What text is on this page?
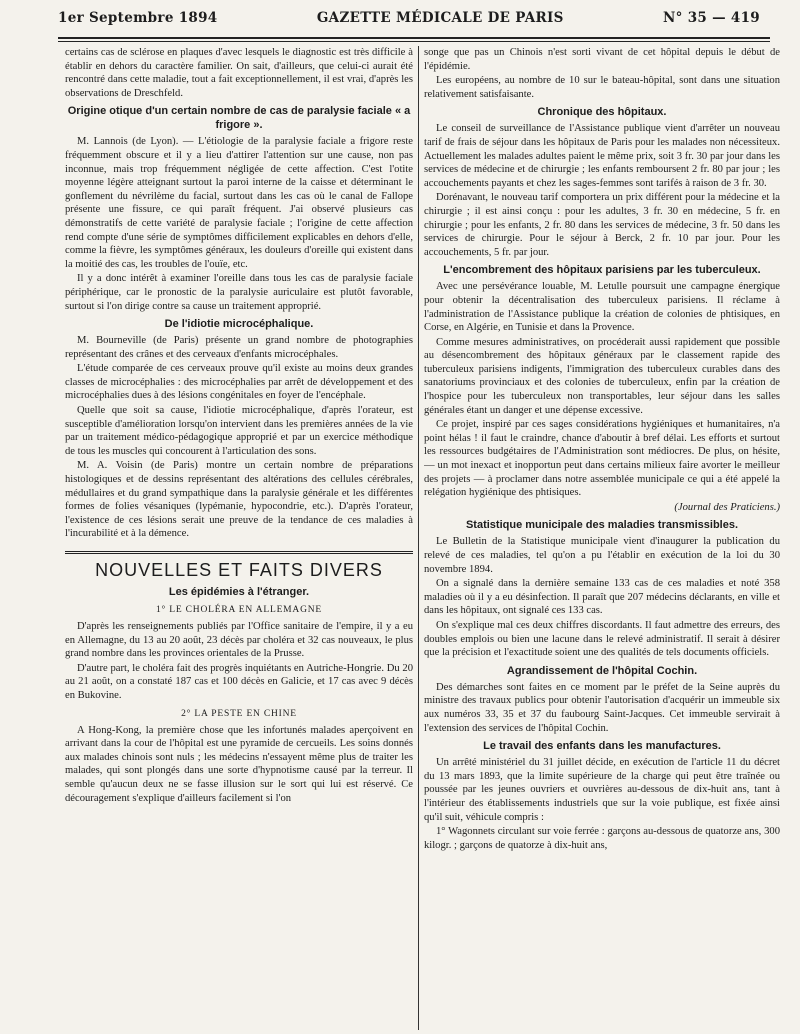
1er Septembre 1894	GAZETTE MÉDICALE DE PARIS	N° 35 — 419

certains cas de sclérose en plaques d'avec lesquels le diagnostic est très difficile à établir en dehors du caractère familier. On sait, d'ailleurs, que celui-ci aurait été rencontré dans cette maladie, tout a fait exceptionnellement, il est vrai, d'après les observations de Dreschfeld.

Origine otique d'un certain nombre de cas de paralysie faciale « a frigore ».

M. Lannois (de Lyon). — L'étiologie de la paralysie faciale a frigore reste fréquemment obscure et il y a lieu d'attirer l'attention sur une cause, non pas inconnue, mais trop fréquemment négligée de cette affection. C'est l'otite moyenne légère atteignant surtout la paroi interne de la caisse et déterminant le gonflement du névrilème du facial, surtout dans les cas où le canal de Fallope présente une fissure, ce qui paraît fréquent. J'ai observé plusieurs cas démonstratifs de cette variété de paralysie faciale ; l'origine de cette affection rend compte d'une série de symptômes difficilement explicables en dehors d'elle, comme la fièvre, les symptômes généraux, les douleurs d'oreille qui existent dans la moitié des cas, les troubles de l'ouïe, etc.

Il y a donc intérêt à examiner l'oreille dans tous les cas de paralysie faciale périphérique, car le pronostic de la paralysie auriculaire est plutôt favorable, surtout si l'on dirige contre sa cause un traitement approprié.

De l'idiotie microcéphalique.

M. Bourneville (de Paris) présente un grand nombre de photographies représentant des crânes et des cerveaux d'enfants microcéphales.

L'étude comparée de ces cerveaux prouve qu'il existe au moins deux grandes classes de microcéphalies : des microcéphalies par arrêt de développement et des microcéphalies dues à des lésions congénitales en foyer de l'encéphale.

Quelle que soit sa cause, l'idiotie microcéphalique, d'après l'orateur, est susceptible d'amélioration lorsqu'on intervient dans les premières années de la vie par un traitement médico-pédagogique approprié et par un exercice méthodique de tous les muscles qui concourent à l'articulation des sons.

M. A. Voisin (de Paris) montre un certain nombre de préparations histologiques et de dessins représentant des altérations des cellules cérébrales, médullaires et du grand sympathique dans la paralysie générale et les différentes formes de folies vésaniques (lypémanie, hypocondrie, etc.). D'après l'orateur, l'existence de ces lésions serait une preuve de la tendance de ces maladies à l'incurabilité et à la démence.

NOUVELLES ET FAITS DIVERS
Les épidémies à l'étranger.
1° LE CHOLÉRA EN ALLEMAGNE

D'après les renseignements publiés par l'Office sanitaire de l'empire, il y a eu en Allemagne, du 13 au 20 août, 23 décès par choléra et 32 cas nouveaux, le plus grand nombre dans les provinces orientales de la Prusse.

D'autre part, le choléra fait des progrès inquiétants en Autriche-Hongrie. Du 20 au 21 août, on a constaté 187 cas et 100 décès en Galicie, et 17 cas avec 9 décès en Bukovine.

2° LA PESTE EN CHINE

A Hong-Kong, la première chose que les infortunés malades aperçoivent en arrivant dans la cour de l'hôpital est une pyramide de cercueils. Les soins donnés aux malades chinois sont nuls ; les médecins n'essayent même plus de traiter les malades, qui sont plongés dans une sorte d'hypnotisme causé par la terreur. Il semble qu'aucun deux ne se fasse illusion sur le sort qui lui est réservé. Ce découragement s'explique d'ailleurs facilement si l'on

songe que pas un Chinois n'est sorti vivant de cet hôpital depuis le début de l'épidémie.

Les européens, au nombre de 10 sur le bateau-hôpital, sont dans une situation relativement satisfaisante.

Chronique des hôpitaux.

Le conseil de surveillance de l'Assistance publique vient d'arrêter un nouveau tarif de frais de séjour dans les hôpitaux de Paris pour les malades non nécessiteux. Actuellement les malades adultes paient le même prix, soit 3 fr. 30 par jour dans les services de médecine et de chirurgie ; les enfants remboursent 2 fr. 80 par jour ; les accouchements payants et chez les sages-femmes sont tarifés à raison de 3 fr. 30.

Dorénavant, le nouveau tarif comportera un prix différent pour la médecine et la chirurgie ; il est ainsi conçu : pour les adultes, 3 fr. 30 en médecine, 5 fr. en chirurgie ; pour les enfants, 2 fr. 80 dans les services de médecine, 3 fr. 50 dans les services de chirurgie. Pour le séjour à Berck, 2 fr. 10 par jour. Pour les accouchements, 5 fr. par jour.

L'encombrement des hôpitaux parisiens par les tuberculeux.

Avec une persévérance louable, M. Letulle poursuit une campagne énergique pour obtenir la décentralisation des tuberculeux parisiens. Il réclame à l'administration de l'Assistance publique la création de colonies de phtisiques, en Corse, en Algérie, en Tunisie et dans la Provence.

Comme mesures administratives, on procéderait aussi rapidement que possible au désencombrement des hôpitaux généraux par le classement rapide des tuberculeux parisiens indigents, l'immigration des tuberculeux curables dans des sanatoriums provinciaux et des colonies de tuberculeux, enfin par la création de l'hospice pour les tuberculeux non transportables, leur séjour dans les salles générales étant un danger et une dépense excessive.

Ce projet, inspiré par ces sages considérations hygiéniques et humanitaires, n'a point hélas ! il faut le craindre, chance d'aboutir à bref délai. Les efforts et surtout les ressources budgétaires de l'Administration sont médiocres. De plus, on hésite, — un mot inexact et inopportun peut dans certains milieux faire avorter le meilleur des projets — à proclamer dans notre assemblée municipale ce qui a été appelé la relégation hygiénique des phtisiques.

(Journal des Praticiens.)

Statistique municipale des maladies transmissibles.

Le Bulletin de la Statistique municipale vient d'inaugurer la publication du relevé de ces maladies, tel qu'on a pu l'établir en exécution de la loi du 30 novembre 1894.

On a signalé dans la dernière semaine 133 cas de ces maladies et noté 358 maladies où il y a eu désinfection. Il paraît que 207 médecins déclarants, en ville et dans les hôpitaux, ont signalé ces 133 cas.

On s'explique mal ces deux chiffres discordants. Il faut admettre des erreurs, des doubles emplois ou bien une lacune dans le relevé administratif. Il serait à désirer que la précision et l'exactitude soient une des qualités de tels documents officiels.

Agrandissement de l'hôpital Cochin.

Des démarches sont faites en ce moment par le préfet de la Seine auprès du ministre des travaux publics pour obtenir l'autorisation d'acquérir un immeuble six aux numéros 33, 35 et 37 du faubourg Saint-Jacques. Cet immeuble servirait à l'extension des services de l'hôpital Cochin.

Le travail des enfants dans les manufactures.

Un arrêté ministériel du 31 juillet décide, en exécution de l'article 11 du décret du 13 mars 1893, que la limite supérieure de la charge qui peut être traînée ou poussée par les jeunes ouvriers et ouvrières au-dessous de dix-huit ans, tant à l'intérieur des établissements industriels que sur la voie publique, est fixée ainsi qu'il suit, véhicule compris :

1° Wagonnets circulant sur voie ferrée : garçons au-dessous de quatorze ans, 300 kilogr. ; garçons de quatorze à dix-huit ans,
